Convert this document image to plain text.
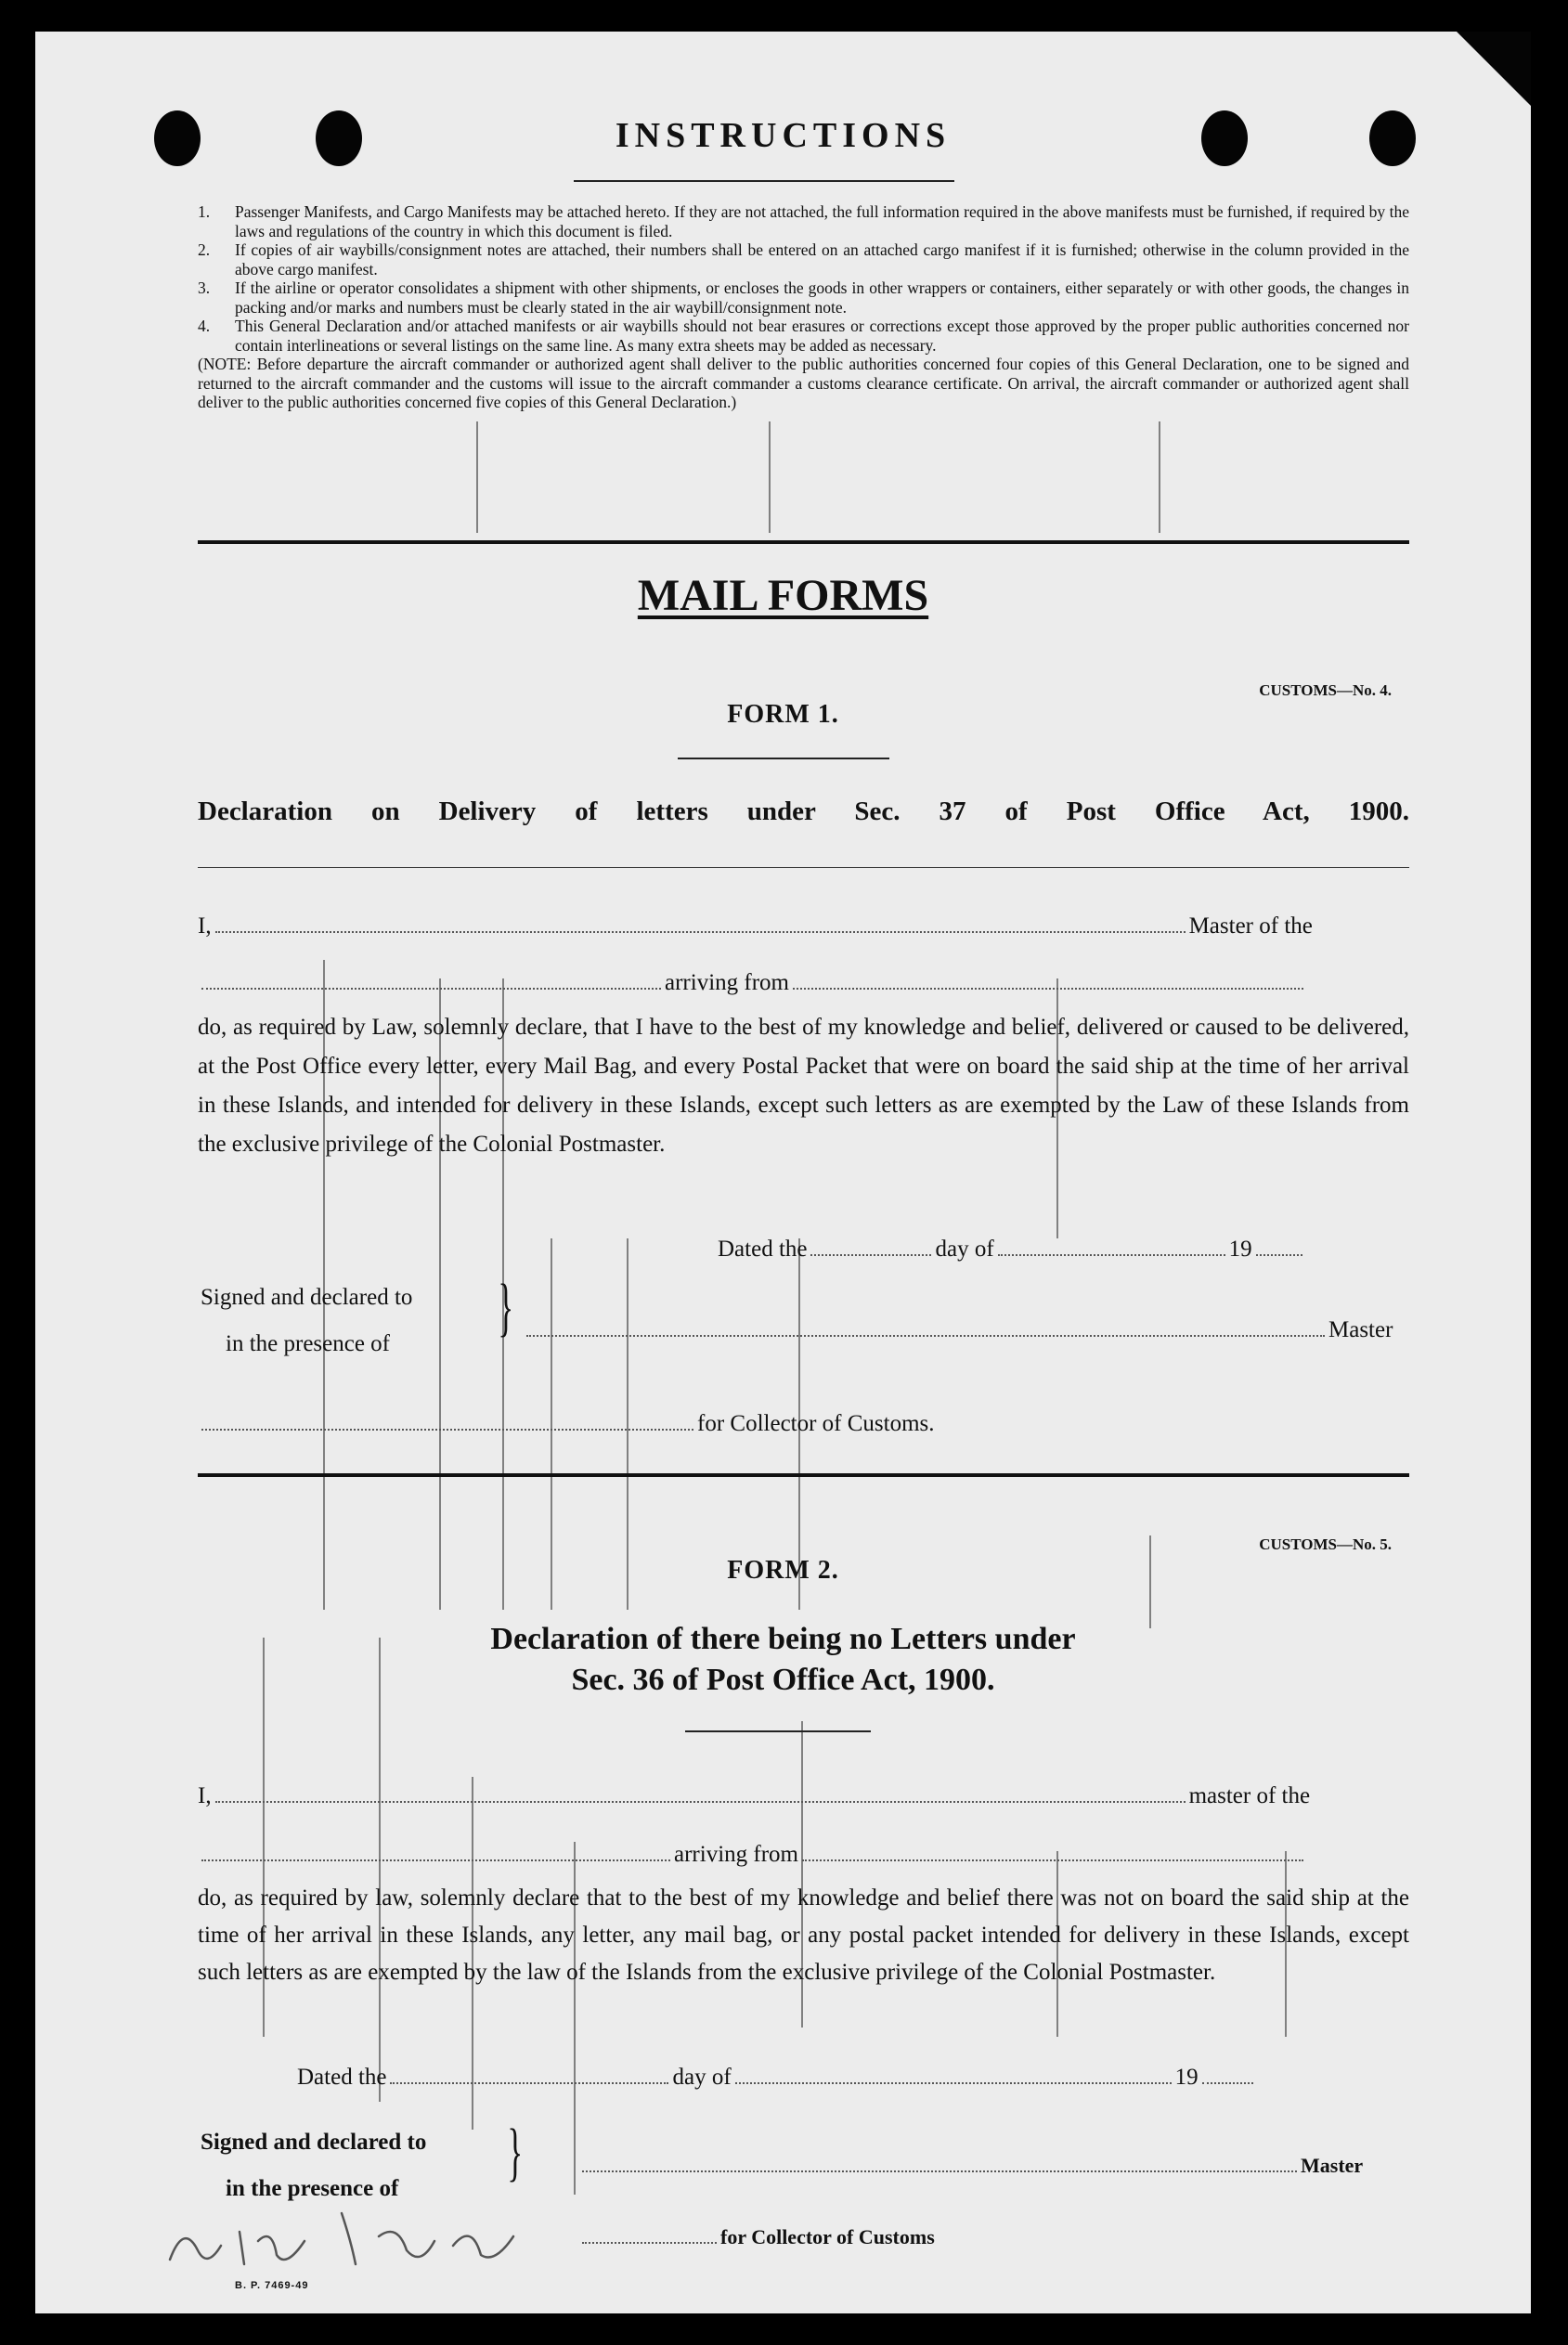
INSTRUCTIONS
1. Passenger Manifests, and Cargo Manifests may be attached hereto. If they are not attached, the full information required in the above manifests must be furnished, if required by the laws and regulations of the country in which this document is filed.
2. If copies of air waybills/consignment notes are attached, their numbers shall be entered on an attached cargo manifest if it is furnished; otherwise in the column provided in the above cargo manifest.
3. If the airline or operator consolidates a shipment with other shipments, or encloses the goods in other wrappers or containers, either separately or with other goods, the changes in packing and/or marks and numbers must be clearly stated in the air waybill/consignment note.
4. This General Declaration and/or attached manifests or air waybills should not bear erasures or corrections except those approved by the proper public authorities concerned nor contain interlineations or several listings on the same line. As many extra sheets may be added as necessary.
(NOTE: Before departure the aircraft commander or authorized agent shall deliver to the public authorities concerned four copies of this General Declaration, one to be signed and returned to the aircraft commander and the customs will issue to the aircraft commander a customs clearance certificate. On arrival, the aircraft commander or authorized agent shall deliver to the public authorities concerned five copies of this General Declaration.)
MAIL FORMS
CUSTOMS—No. 4.
FORM 1.
Declaration on Delivery of letters under Sec. 37 of Post Office Act, 1900.
I,	Master of the
arriving from
do, as required by Law, solemnly declare, that I have to the best of my knowledge and belief, delivered or caused to be delivered, at the Post Office every letter, every Mail Bag, and every Postal Packet that were on board the said ship at the time of her arrival in these Islands, and intended for delivery in these Islands, except such letters as are exempted by the Law of these Islands from the exclusive privilege of the Colonial Postmaster.
Dated the	day of	19
Signed and declared to
in the presence of
}	Master
for Collector of Customs.
CUSTOMS—No. 5.
FORM 2.
Declaration of there being no Letters under
Sec. 36 of Post Office Act, 1900.
I,	master of the
arriving from
do, as required by law, solemnly declare that to the best of my knowledge and belief there was not on board the said ship at the time of her arrival in these Islands, any letter, any mail bag, or any postal packet intended for delivery in these Islands, except such letters as are exempted by the law of the Islands from the exclusive privilege of the Colonial Postmaster.
Dated the	day of	19
Signed and declared to
in the presence of
}	Master
for Collector of Customs
B. P. 7469-49
